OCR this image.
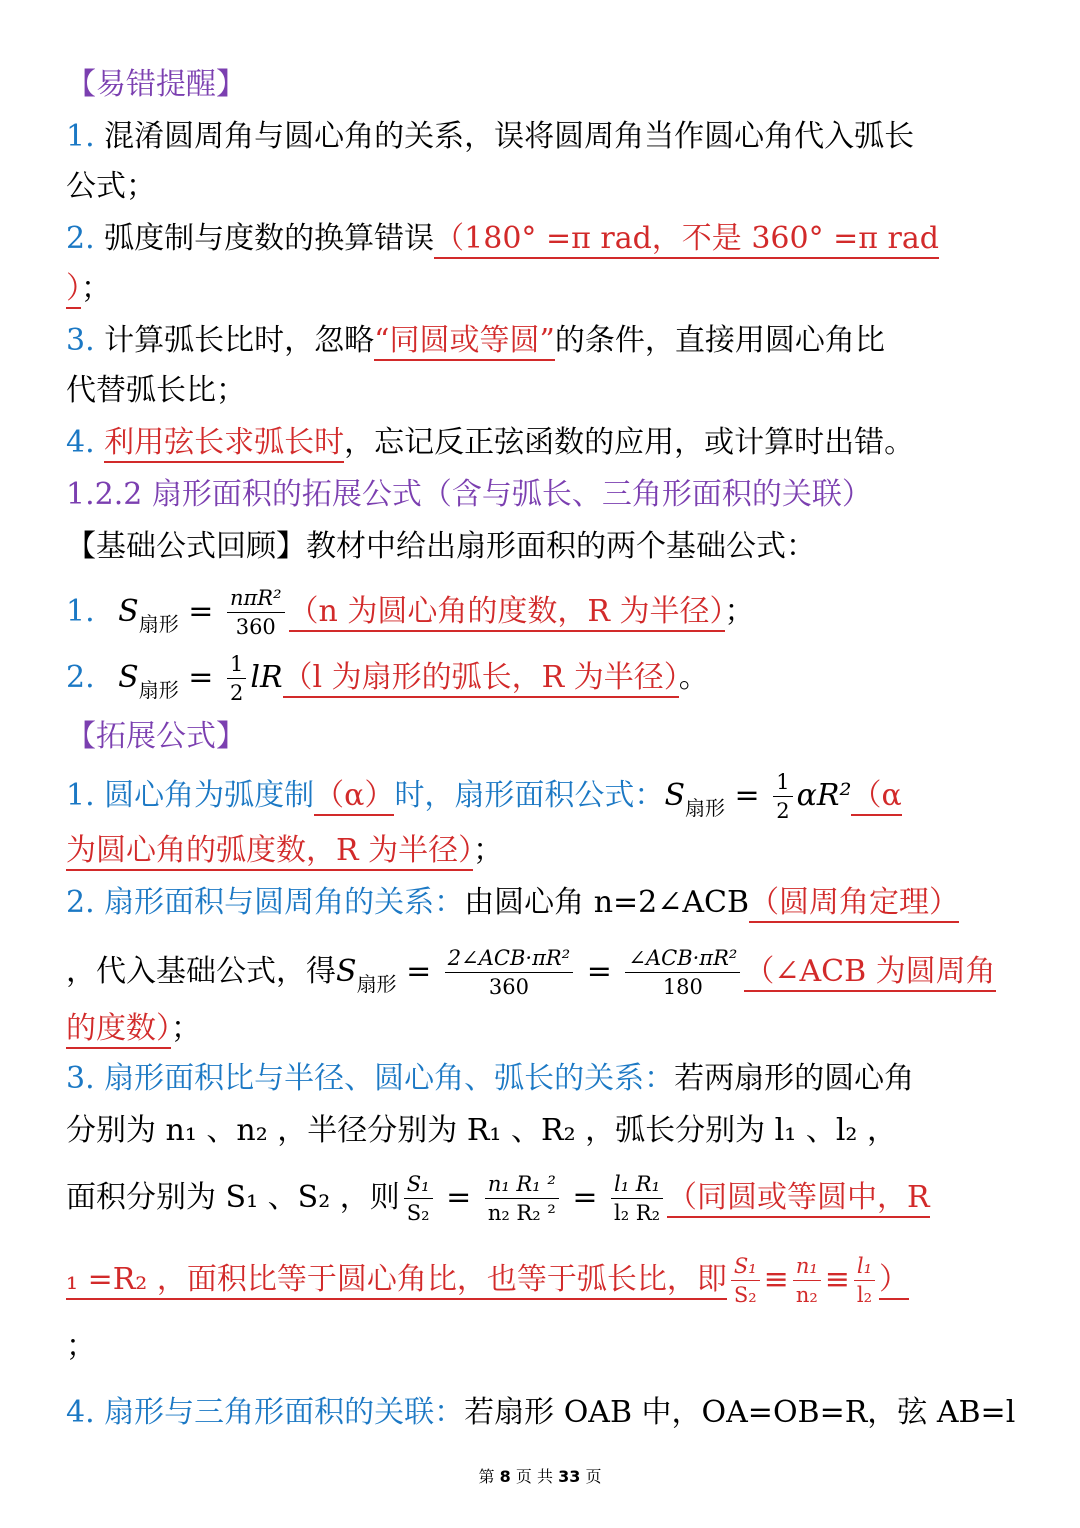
【易错提醒】
1. 混淆圆周角与圆心角的关系，误将圆周角当作圆心角代入弧长
公式；
2. 弧度制与度数的换算错误（180° =π rad，不是 360° =π rad
）；
3. 计算弧长比时，忽略“同圆或等圆”的条件，直接用圆心角比
代替弧长比；
4. 利用弦长求弧长时，忘记反正弦函数的应用，或计算时出错。
1.2.2 扇形面积的拓展公式（含与弧长、三角形面积的关联）
【基础公式回顾】教材中给出扇形面积的两个基础公式：
1. $S_{扇形} = \frac{\text{nπR²}}{360} (n$ 为圆心角的度数，R 为半径）；
2. $S_{扇形} = \frac{1}{2} lR(l$ 为扇形的弧长，R 为半径）。
【拓展公式】
1. 圆心角为弧度制（α）时，扇形面积公式：$S_{扇形} = \frac{1}{2} \alpha R^2(\alpha$
为圆心角的弧度数，R 为半径）；
2. 扇形面积与圆周角的关系：由圆心角 n=2∠ACB（圆周角定理）
，代入基础公式，得$S_{扇形} = \frac{\text{2∠ACB·πR²}}{360} = \frac{\text{∠ACB·πR²}}{180}$ （∠ACB 为圆周角
的度数）；
3. 扇形面积比与半径、圆心角、弧长的关系：若两扇形的圆心角
分别为 n₁ 、n₂ ，半径分别为 R₁ 、R₂ ，弧长分别为 l₁ 、l₂ ，
面积分别为 S₁ 、S₂ ，则 $\frac{\text{S₁}}{\text{S₂}} = \frac{\text{n₁ R₁ ²}}{\text{n₂ R₂ ²}} = \frac{\text{l₁ R₁}}{\text{l₂ R₂}}$ （同圆或等圆中，R
₁ =R₂ ，面积比等于圆心角比，也等于弧长比，即 $\frac{\text{S₁}}{\text{S₂}} \equiv \frac{\text{n₁}}{\text{n₂}} \equiv \frac{\text{l₁}}{\text{l₂}}$ ）
；
4. 扇形与三角形面积的关联：若扇形 OAB 中，OA=OB=R，弦 AB=l
第 8 页 共 33 页
